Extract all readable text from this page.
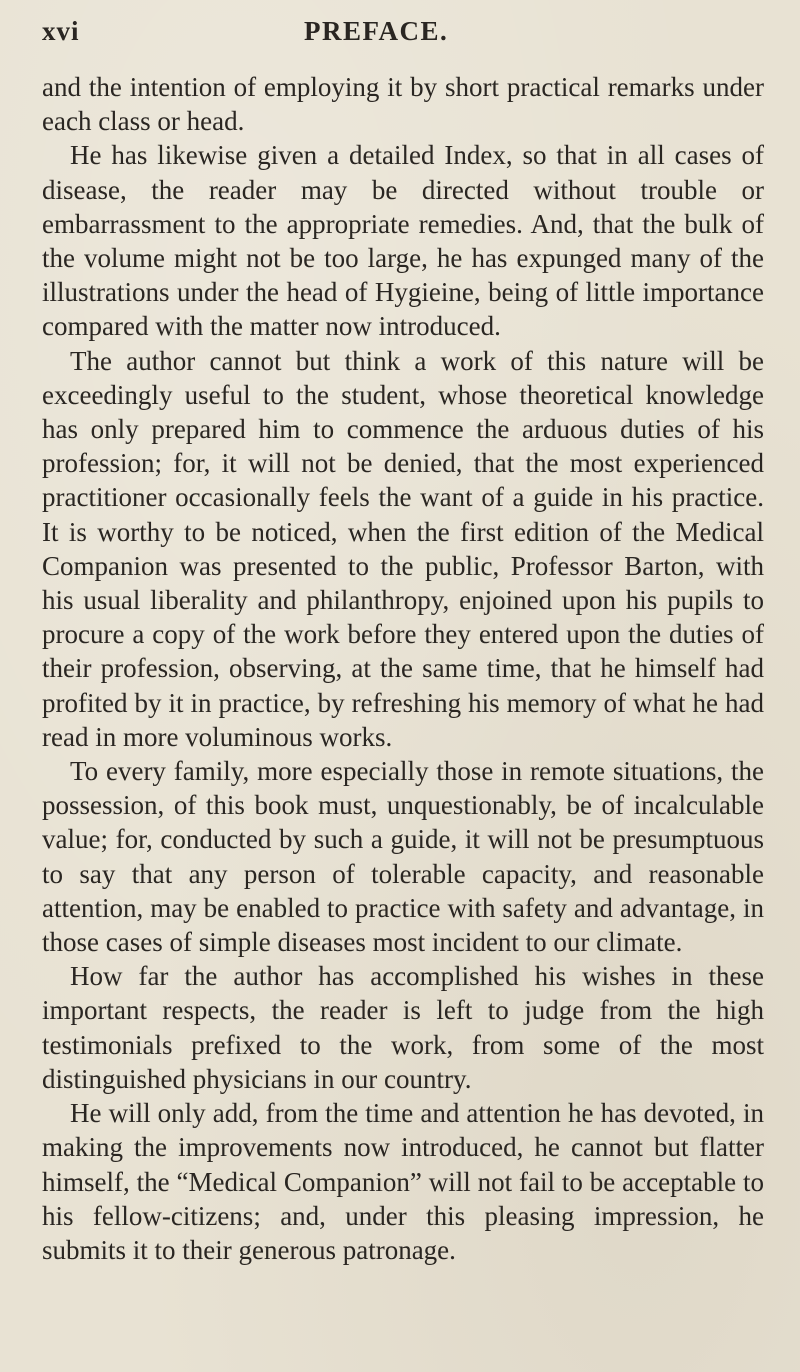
xvi	PREFACE.

and the intention of employing it by short practical remarks under each class or head.

He has likewise given a detailed Index, so that in all cases of disease, the reader may be directed without trouble or embarrassment to the appropriate remedies. And, that the bulk of the volume might not be too large, he has expunged many of the illustrations under the head of Hygieine, being of little importance compared with the matter now introduced.

The author cannot but think a work of this nature will be exceedingly useful to the student, whose theoretical knowledge has only prepared him to commence the arduous duties of his profession; for, it will not be denied, that the most experienced practitioner occasionally feels the want of a guide in his practice. It is worthy to be noticed, when the first edition of the Medical Companion was presented to the public, Professor Barton, with his usual liberality and philanthropy, enjoined upon his pupils to procure a copy of the work before they entered upon the duties of their profession, observing, at the same time, that he himself had profited by it in practice, by refreshing his memory of what he had read in more voluminous works.

To every family, more especially those in remote situations, the possession, of this book must, unquestionably, be of incalculable value; for, conducted by such a guide, it will not be presumptuous to say that any person of tolerable capacity, and reasonable attention, may be enabled to practice with safety and advantage, in those cases of simple diseases most incident to our climate.

How far the author has accomplished his wishes in these important respects, the reader is left to judge from the high testimonials prefixed to the work, from some of the most distinguished physicians in our country.

He will only add, from the time and attention he has devoted, in making the improvements now introduced, he cannot but flatter himself, the “Medical Companion” will not fail to be acceptable to his fellow-citizens; and, under this pleasing impression, he submits it to their generous patronage.
